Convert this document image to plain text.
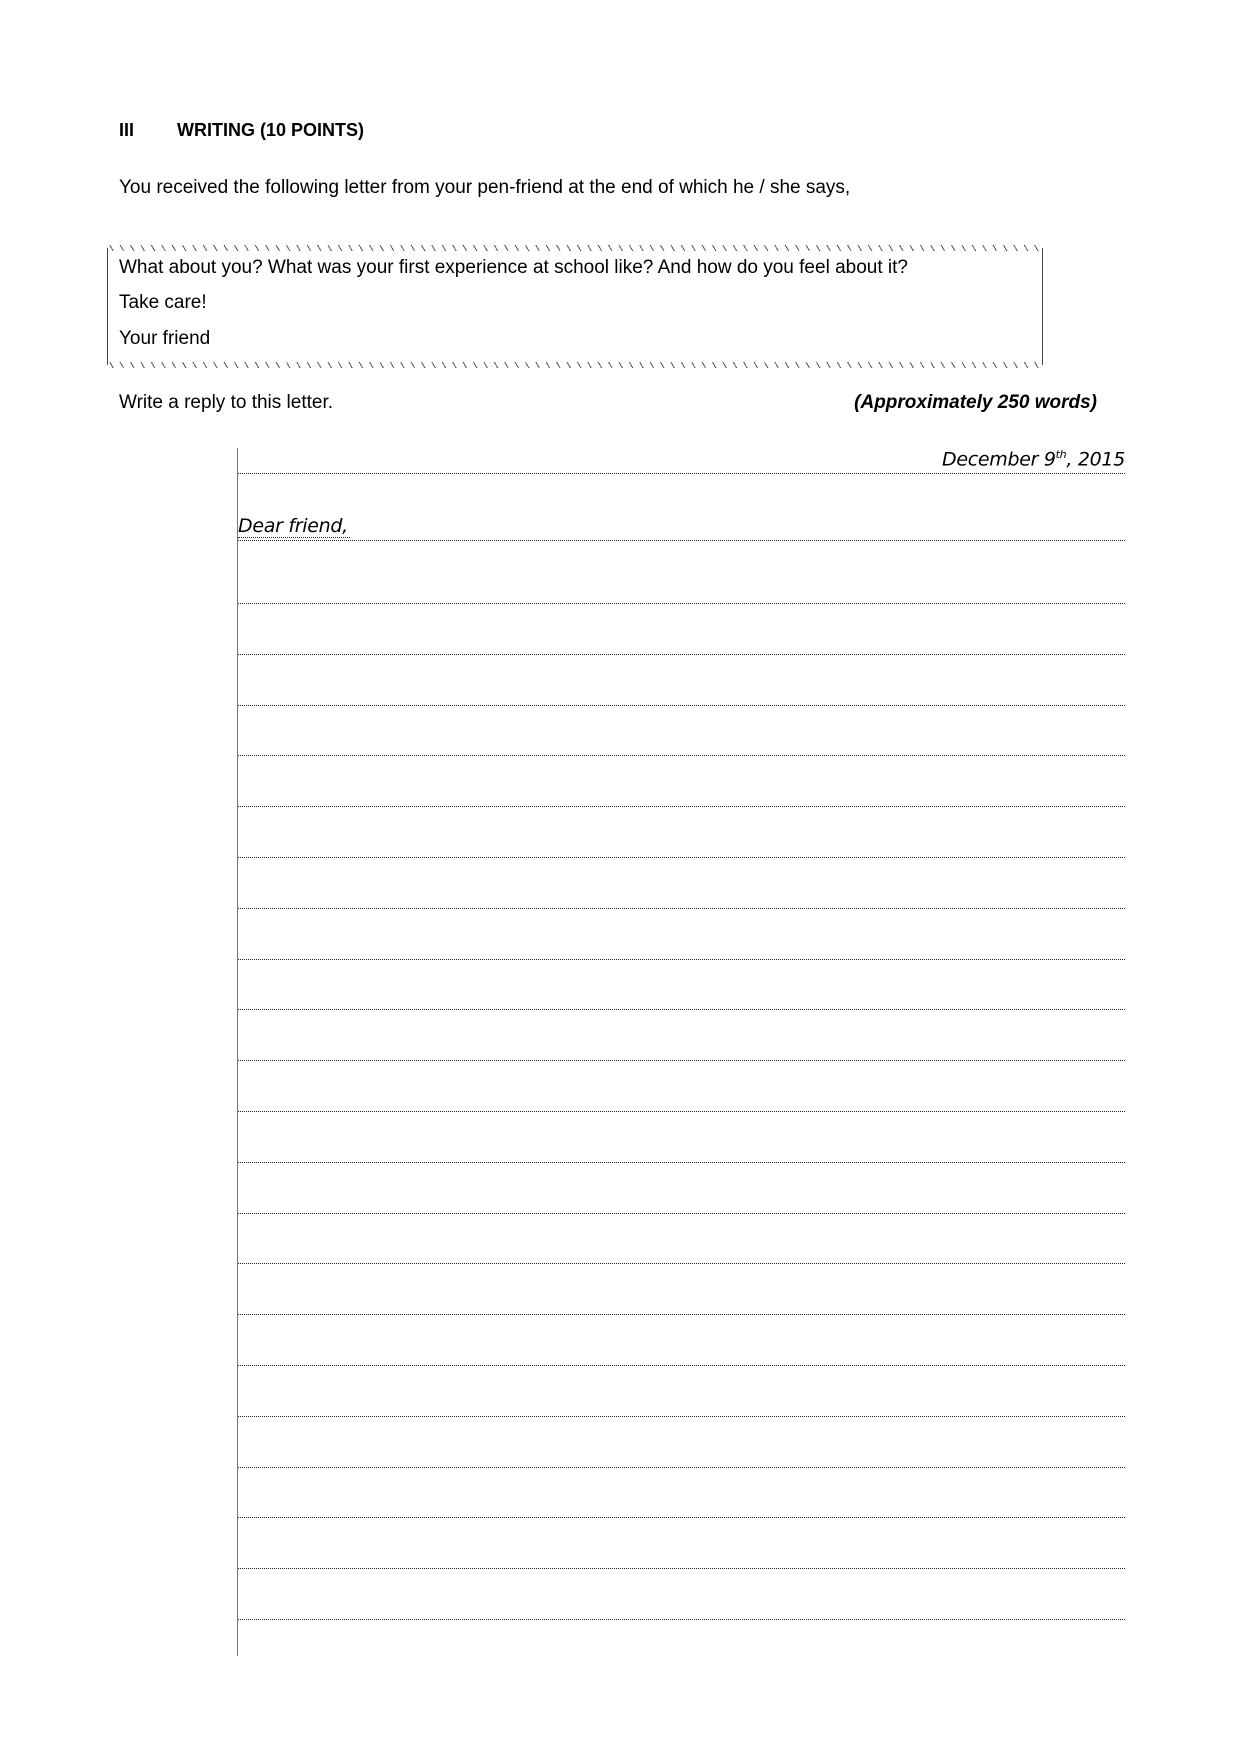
III WRITING (10 POINTS)
You received the following letter from your pen-friend at the end of which he / she says,
What about you? What was your first experience at school like? And how do you feel about it?
Take care!
Your friend
Write a reply to this letter.	(Approximately 250 words)
December 9th, 2015
Dear friend,
